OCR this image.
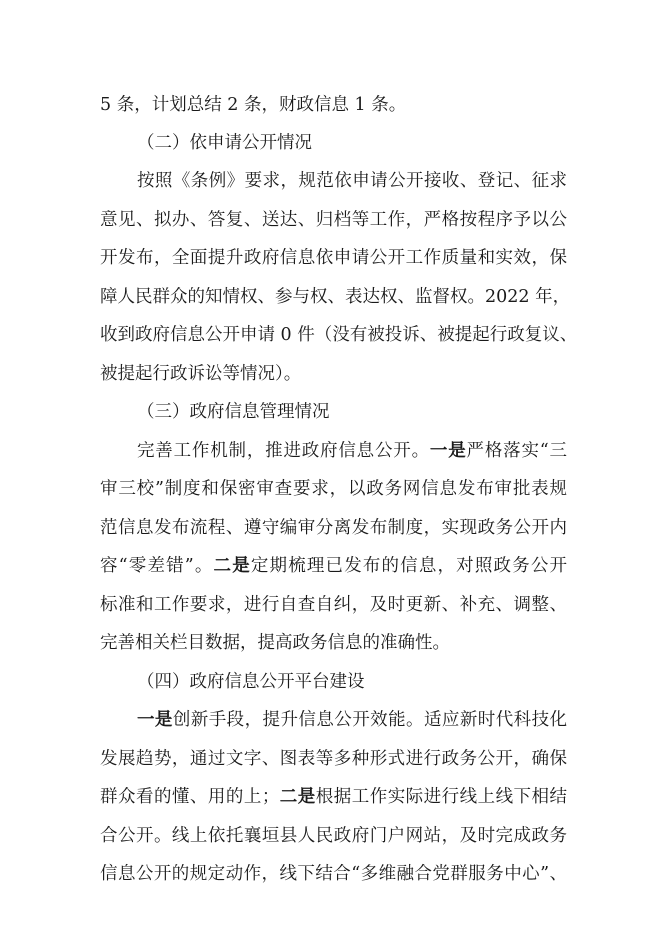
5 条，计划总结 2 条，财政信息 1 条。

（二）依申请公开情况

按照《条例》要求，规范依申请公开接收、登记、征求

意见、拟办、答复、送达、归档等工作，严格按程序予以公

开发布，全面提升政府信息依申请公开工作质量和实效，保

障人民群众的知情权、参与权、表达权、监督权。2022 年，

收到政府信息公开申请 0 件（没有被投诉、被提起行政复议、

被提起行政诉讼等情况）。

（三）政府信息管理情况

完善工作机制，推进政府信息公开。一是严格落实“三

审三校”制度和保密审查要求，以政务网信息发布审批表规

范信息发布流程、遵守编审分离发布制度，实现政务公开内

容“零差错”。二是定期梳理已发布的信息，对照政务公开

标准和工作要求，进行自查自纠，及时更新、补充、调整、

完善相关栏目数据，提高政务信息的准确性。

（四）政府信息公开平台建设

一是创新手段，提升信息公开效能。适应新时代科技化

发展趋势，通过文字、图表等多种形式进行政务公开，确保

群众看的懂、用的上；二是根据工作实际进行线上线下相结

合公开。线上依托襄垣县人民政府门户网站，及时完成政务

信息公开的规定动作，线下结合“多维融合党群服务中心”、
